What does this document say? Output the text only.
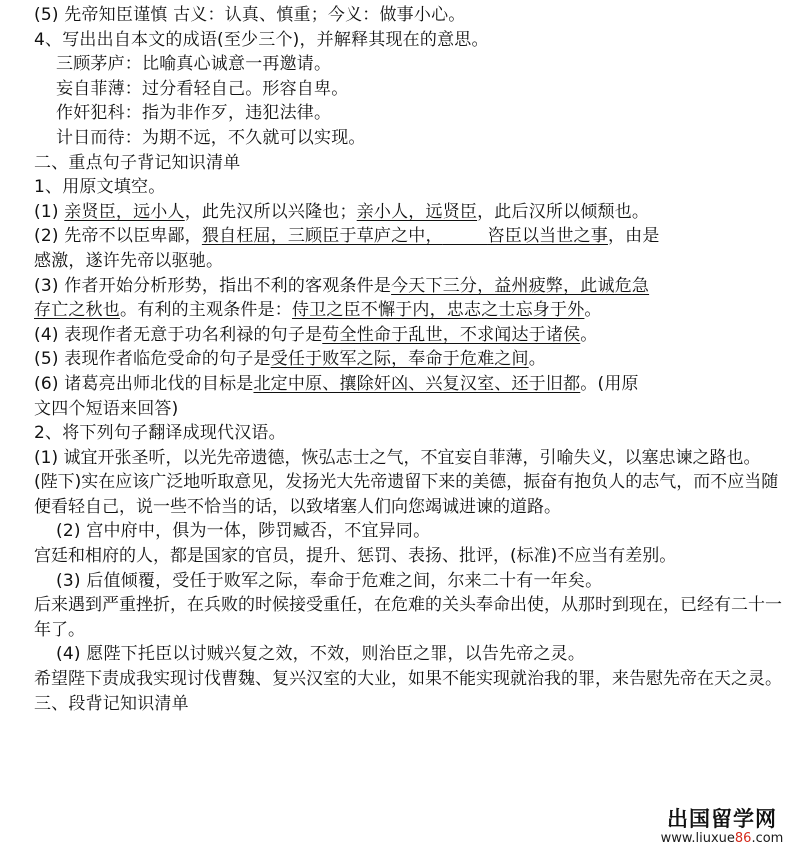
(5) 先帝知臣谨慎 古义：认真、慎重；今义：做事小心。
4、写出出自本文的成语(至少三个)，并解释其现在的意思。
三顾茅庐：比喻真心诚意一再邀请。
妄自菲薄：过分看轻自己。形容自卑。
作奸犯科：指为非作歹，违犯法律。
计日而待：为期不远，不久就可以实现。
二、重点句子背记知识清单
1、用原文填空。
(1) 亲贤臣，远小人，此先汉所以兴隆也；亲小人，远贤臣，此后汉所以倾颓也。
(2) 先帝不以臣卑鄙，猥自枉屈，三顾臣于草庐之中，	咨臣以当世之事，由是
感激，遂许先帝以驱驰。
(3) 作者开始分析形势，指出不利的客观条件是今天下三分，益州疲弊，此诚危急
存亡之秋也。有利的主观条件是：侍卫之臣不懈于内，忠志之士忘身于外。
(4) 表现作者无意于功名利禄的句子是苟全性命于乱世，不求闻达于诸侯。
(5) 表现作者临危受命的句子是受任于败军之际，奉命于危难之间。
(6) 诸葛亮出师北伐的目标是北定中原、攘除奸凶、兴复汉室、还于旧都。(用原
文四个短语来回答)
2、将下列句子翻译成现代汉语。
(1) 诚宜开张圣听，以光先帝遗德，恢弘志士之气，不宜妄自菲薄，引喻失义，以塞忠谏之路也。
(陛下)实在应该广泛地听取意见，发扬光大先帝遗留下来的美德，振奋有抱负人的志气，而不应当随便看轻自己，说一些不恰当的话，以致堵塞人们向您竭诚进谏的道路。
(2) 宫中府中，俱为一体，陟罚臧否，不宜异同。
宫廷和相府的人，都是国家的官员，提升、惩罚、表扬、批评，(标准)不应当有差别。
(3) 后值倾覆，受任于败军之际，奉命于危难之间，尔来二十有一年矣。
后来遇到严重挫折，在兵败的时候接受重任，在危难的关头奉命出使，从那时到现在，已经有二十一年了。
(4) 愿陛下托臣以讨贼兴复之效，不效，则治臣之罪，以告先帝之灵。
希望陛下责成我实现讨伐曹魏、复兴汉室的大业，如果不能实现就治我的罪，来告慰先帝在天之灵。
三、段背记知识清单
出国留学网
www.liuxue86.com
